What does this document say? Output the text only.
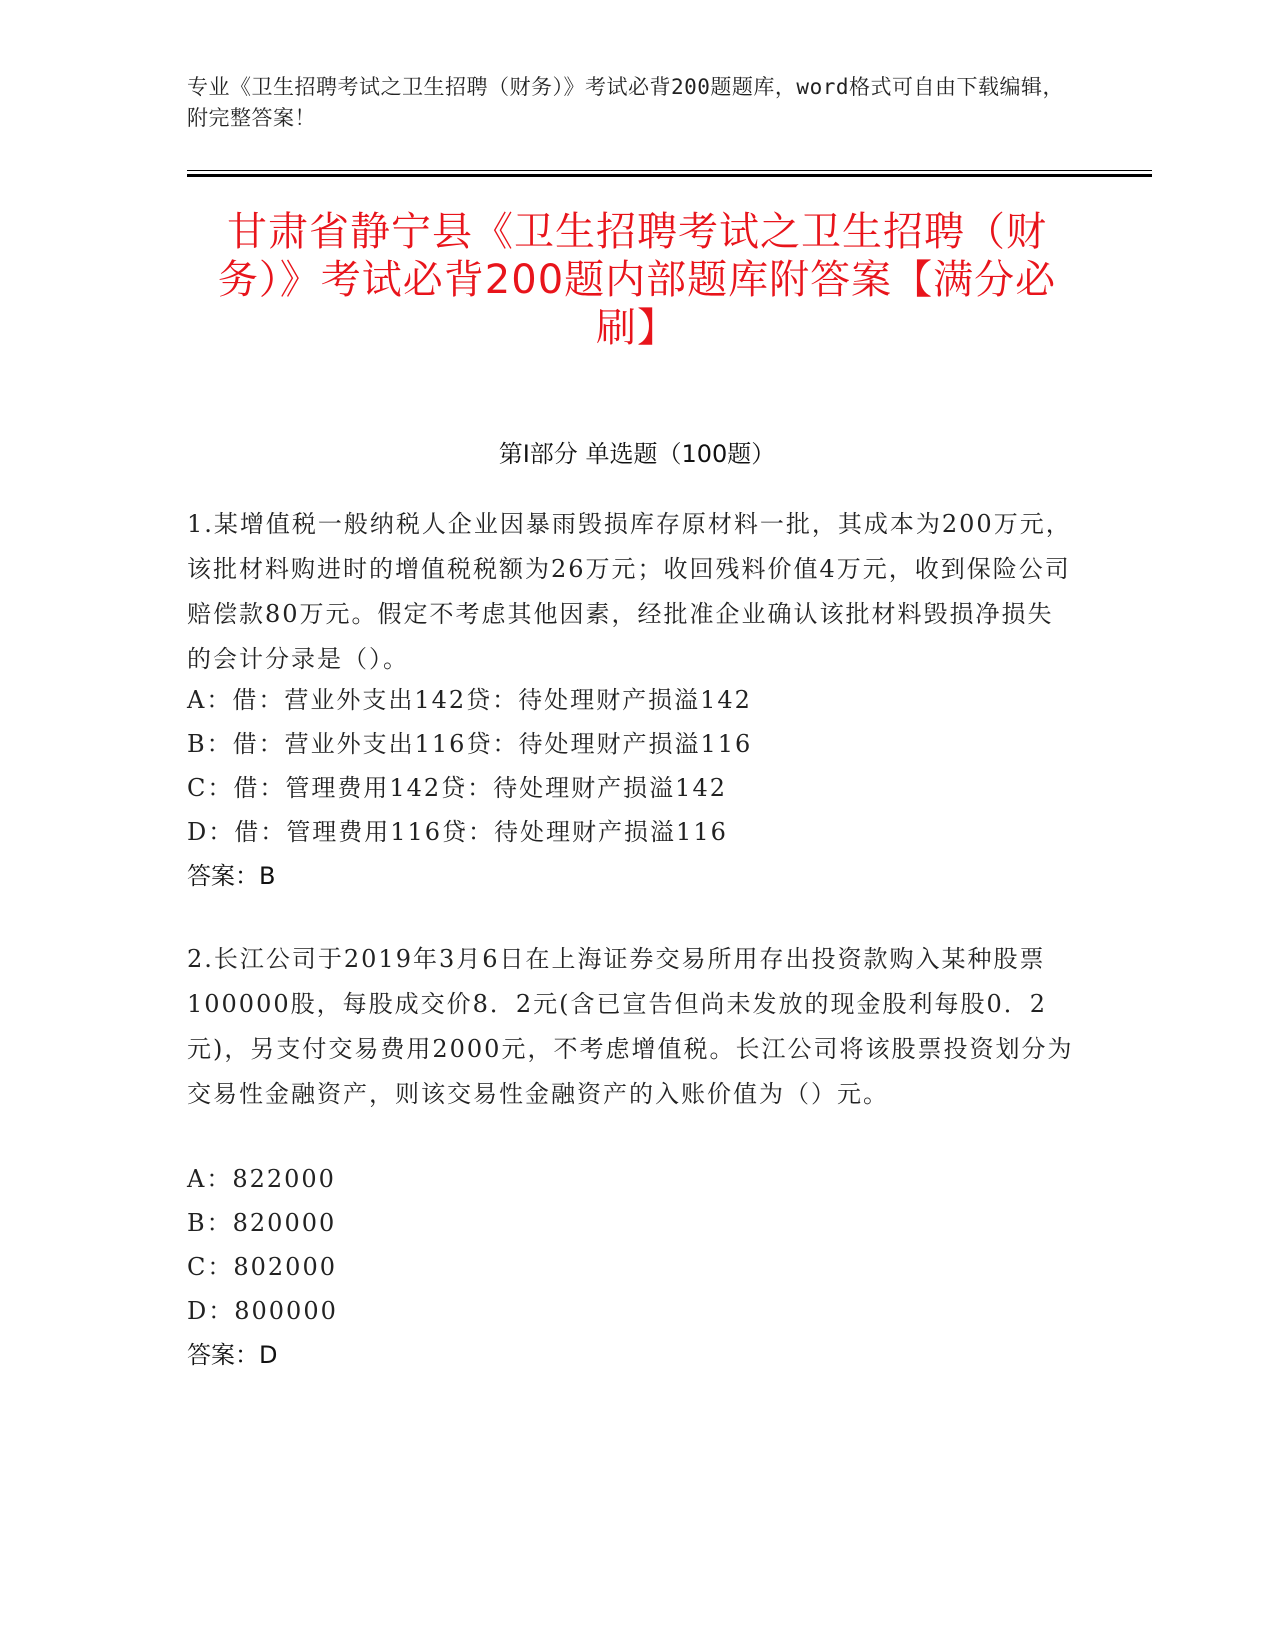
专业《卫生招聘考试之卫生招聘（财务）》考试必背200题题库，word格式可自由下载编辑，附完整答案！
甘肃省静宁县《卫生招聘考试之卫生招聘（财务）》考试必背200题内部题库附答案【满分必刷】
第I部分 单选题（100题）
1.某增值税一般纳税人企业因暴雨毁损库存原材料一批，其成本为200万元，该批材料购进时的增值税税额为26万元；收回残料价值4万元，收到保险公司赔偿款80万元。假定不考虑其他因素，经批准企业确认该批材料毁损净损失的会计分录是（）。
A：借：营业外支出142贷：待处理财产损溢142
B：借：营业外支出116贷：待处理财产损溢116
C：借：管理费用142贷：待处理财产损溢142
D：借：管理费用116贷：待处理财产损溢116
答案：B
2.长江公司于2019年3月6日在上海证券交易所用存出投资款购入某种股票100000股，每股成交价8．2元(含已宣告但尚未发放的现金股利每股0．2元)，另支付交易费用2000元，不考虑增值税。长江公司将该股票投资划分为交易性金融资产，则该交易性金融资产的入账价值为（）元。
A：822000
B：820000
C：802000
D：800000
答案：D
